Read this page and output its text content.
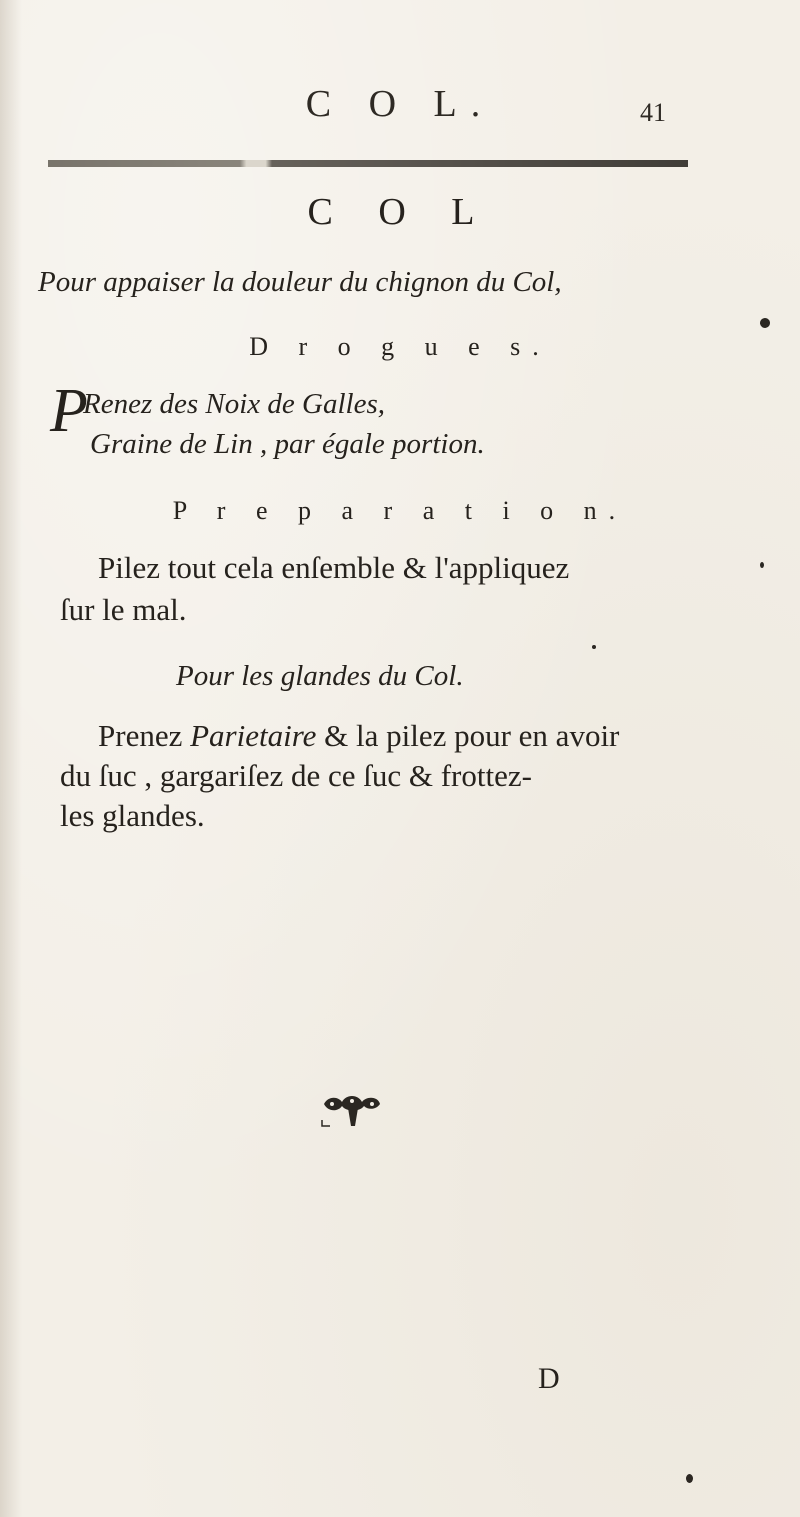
C O L.	41
C O L
Pour appaiser la douleur du chignon du Col,
D r o g u e s.
P
Renez des Noix de Galles,
Graine de Lin , par égale portion.
P r e p a r a t i o n.
Pilez tout cela enſemble & l'appliquez
ſur le mal.
Pour les glandes du Col.
Prenez Parietaire & la pilez pour en avoir
du ſuc , gargariſez de ce ſuc & frottez-
les glandes.
D
